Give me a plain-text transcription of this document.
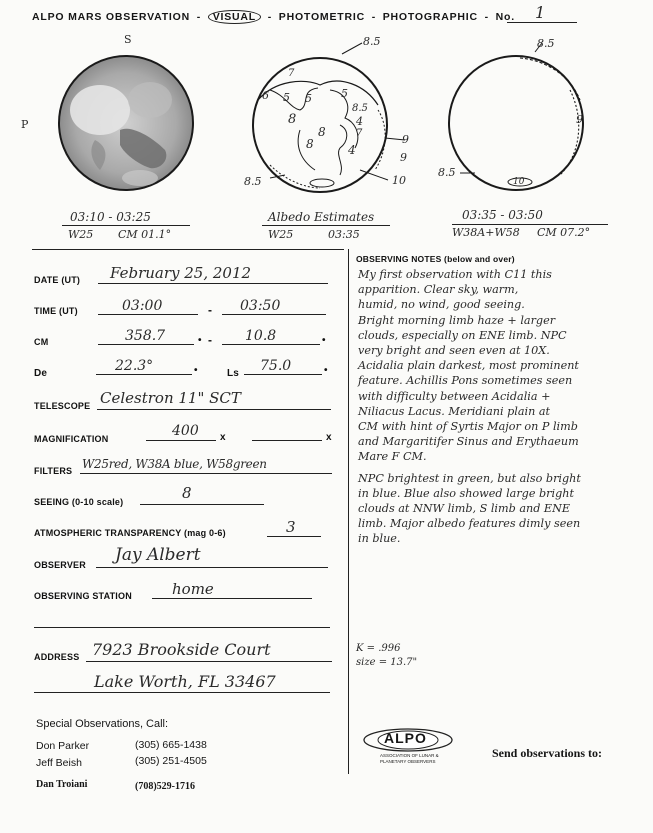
ALPO MARS OBSERVATION - VISUAL - PHOTOMETRIC - PHOTOGRAPHIC - No. 1
S
P
8.5
7
6 5 5	5
8
8.5
4
7
8
4
9
8
9
8.5	10
8.5
9
8.5
10
03:10 - 03:25
W25 CM 01.1°
Albedo Estimates
W25	03:35
03:35 - 03:50
W38A+W58 CM 07.2°
DATE (UT) February 25, 2012
TIME (UT)	03:00	- 03:50
CM	358.7	• - 10.8	•
De	22.3°	•	Ls 75.0	•
TELESCOPE Celestron 11" SCT
MAGNIFICATION	400 x	x
FILTERS W25red, W38A blue, W58green
SEEING (0-10 scale)	8
ATMOSPHERIC TRANSPARENCY (mag 0-6)	3
OBSERVER Jay Albert
OBSERVING STATION	home
ADDRESS 7923 Brookside Court
Lake Worth, FL 33467
OBSERVING NOTES (below and over)
My first observation with C11 this
apparition. Clear sky, warm,
humid, no wind, good seeing.
Bright morning limb haze + larger
clouds, especially on ENE limb. NPC
very bright and seen even at 10X.
Acidalia plain darkest, most prominent
feature. Achillis Pons sometimes seen
with difficulty between Acidalia +
Niliacus Lacus. Meridiani plain at
CM with hint of Syrtis Major on P limb
and Margaritifer Sinus and Erythaeum
Mare F CM.
NPC brightest in green, but also bright
in blue. Blue also showed large bright
clouds at NNW limb, S limb and ENE
limb. Major albedo features dimly seen
in blue.
K = .996
size = 13.7"
Special Observations, Call:
Don Parker	(305) 665-1438
Jeff Beish	(305) 251-4505
Dan Troiani	(708)529-1716
ALPO
ASSOCIATION OF LUNAR &
PLANETARY OBSERVERS
Send observations to:
